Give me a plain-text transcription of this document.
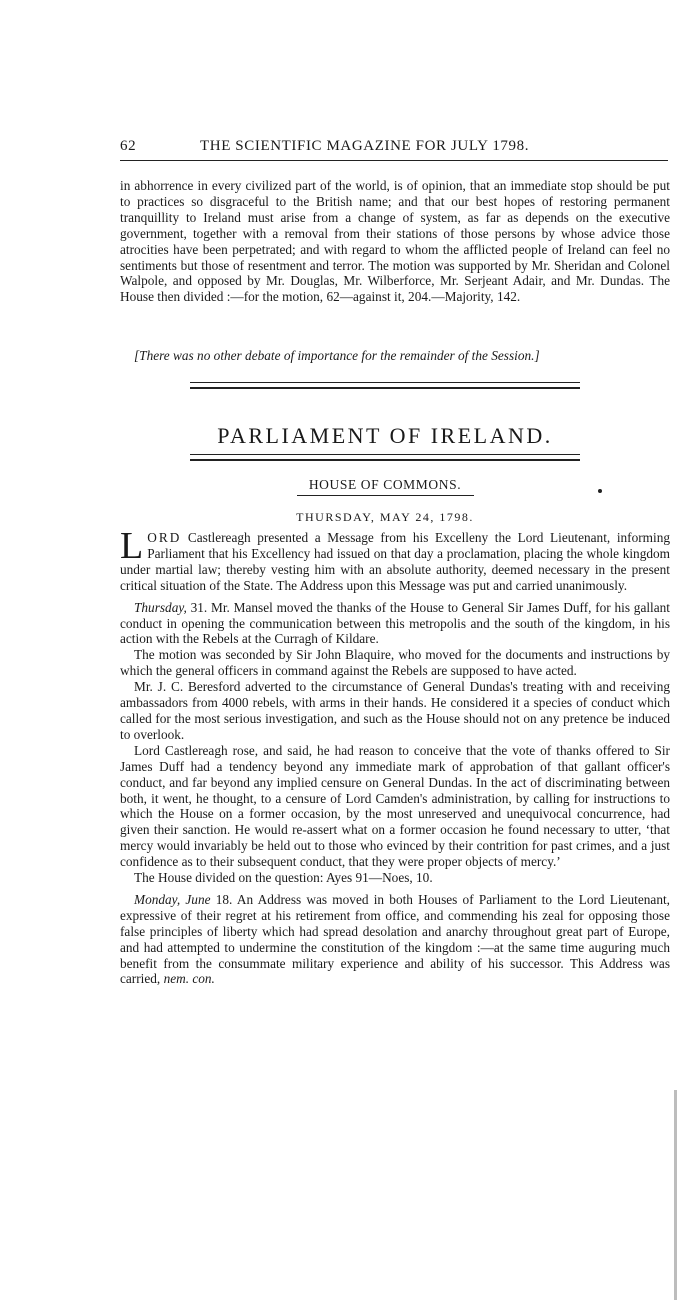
62	THE SCIENTIFIC MAGAZINE FOR JULY 1798.

in abhorrence in every civilized part of the world, is of opinion, that an immediate stop should be put to practices so disgraceful to the British name; and that our best hopes of restoring permanent tranquillity to Ireland must arise from a change of system, as far as depends on the executive government, together with a removal from their stations of those persons by whose advice those atrocities have been perpetrated; and with regard to whom the afflicted people of Ireland can feel no sentiments but those of resentment and terror. The motion was supported by Mr. Sheridan and Colonel Walpole, and opposed by Mr. Douglas, Mr. Wilberforce, Mr. Serjeant Adair, and Mr. Dundas. The House then divided :—for the motion, 62—against it, 204.—Majority, 142.

[There was no other debate of importance for the remainder of the Session.]
PARLIAMENT OF IRELAND.
HOUSE OF COMMONS.
THURSDAY, MAY 24, 1798.

LORD Castlereagh presented a Message from his Excelleny the Lord Lieutenant, informing Parliament that his Excellency had issued on that day a proclamation, placing the whole kingdom under martial law; thereby vesting him with an absolute authority, deemed necessary in the present critical situation of the State. The Address upon this Message was put and carried unanimously.

Thursday, 31. Mr. Mansel moved the thanks of the House to General Sir James Duff, for his gallant conduct in opening the communication between this metropolis and the south of the kingdom, in his action with the Rebels at the Curragh of Kildare.

The motion was seconded by Sir John Blaquire, who moved for the documents and instructions by which the general officers in command against the Rebels are supposed to have acted.

Mr. J. C. Beresford adverted to the circumstance of General Dundas's treating with and receiving ambassadors from 4000 rebels, with arms in their hands. He considered it a species of conduct which called for the most serious investigation, and such as the House should not on any pretence be induced to overlook.

Lord Castlereagh rose, and said, he had reason to conceive that the vote of thanks offered to Sir James Duff had a tendency beyond any immediate mark of approbation of that gallant officer's conduct, and far beyond any implied censure on General Dundas. In the act of discriminating between both, it went, he thought, to a censure of Lord Camden's administration, by calling for instructions to which the House on a former occasion, by the most unreserved and unequivocal concurrence, had given their sanction. He would re-assert what on a former occasion he found necessary to utter, ‘that mercy would invariably be held out to those who evinced by their contrition for past crimes, and a just confidence as to their subsequent conduct, that they were proper objects of mercy.’

The House divided on the question: Ayes 91—Noes, 10.

Monday, June 18. An Address was moved in both Houses of Parliament to the Lord Lieutenant, expressive of their regret at his retirement from office, and commending his zeal for opposing those false principles of liberty which had spread desolation and anarchy throughout great part of Europe, and had attempted to undermine the constitution of the kingdom :—at the same time auguring much benefit from the consummate military experience and ability of his successor. This Address was carried, nem. con.
